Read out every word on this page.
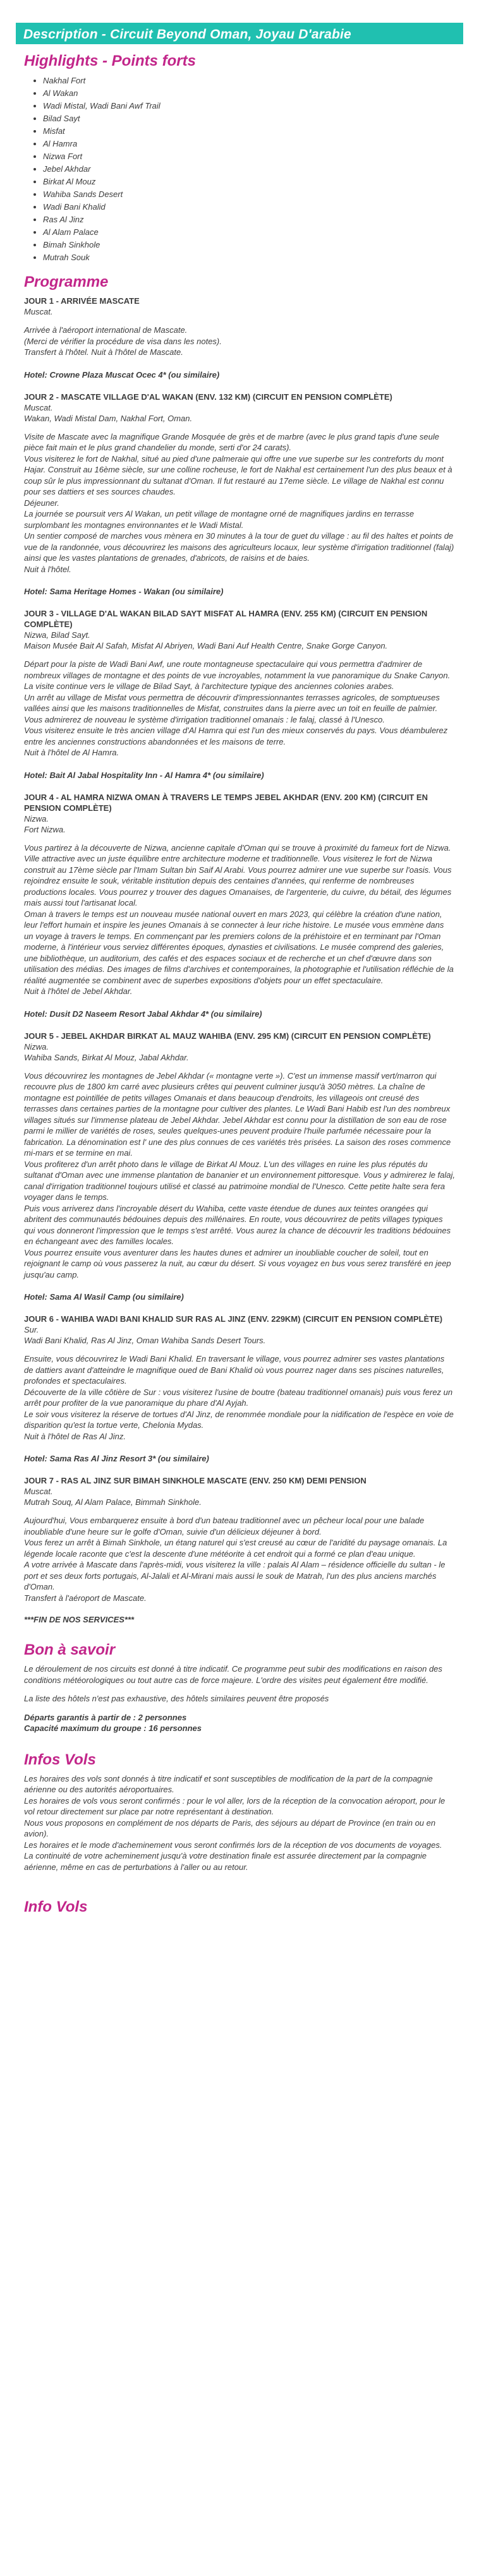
Description - Circuit Beyond Oman, Joyau D'arabie
Highlights - Points forts
• Nakhal Fort
• Al Wakan
• Wadi Mistal, Wadi Bani Awf Trail
• Bilad Sayt
• Misfat
• Al Hamra
• Nizwa Fort
• Jebel Akhdar
• Birkat Al Mouz
• Wahiba Sands Desert
• Wadi Bani Khalid
• Ras Al Jinz
• Al Alam Palace
• Bimah Sinkhole
• Mutrah Souk
Programme
JOUR 1 - ARRIVÉE MASCATE
Muscat.

Arrivée à l'aéroport international de Mascate.
(Merci de vérifier la procédure de visa dans les notes).
Transfert à l'hôtel. Nuit à l'hôtel de Mascate.

Hotel: Crowne Plaza Muscat Ocec 4* (ou similaire)
JOUR 2 - MASCATE VILLAGE D'AL WAKAN (ENV. 132 KM) (CIRCUIT EN PENSION COMPLÈTE)
Muscat.
Wakan, Wadi Mistal Dam, Nakhal Fort, Oman.

Visite de Mascate avec la magnifique Grande Mosquée de grès et de marbre (avec le plus grand tapis d'une seule pièce fait main et le plus grand chandelier du monde, serti d'or 24 carats).
Vous visiterez le fort de Nakhal, situé au pied d'une palmeraie qui offre une vue superbe sur les contreforts du mont Hajar. Construit au 16ème siècle, sur une colline rocheuse, le fort de Nakhal est certainement l'un des plus beaux et à coup sûr le plus impressionnant du sultanat d'Oman. Il fut restauré au 17eme siècle. Le village de Nakhal est connu pour ses dattiers et ses sources chaudes.
Déjeuner.
La journée se poursuit vers Al Wakan, un petit village de montagne orné de magnifiques jardins en terrasse surplombant les montagnes environnantes et le Wadi Mistal.
Un sentier composé de marches vous mènera en 30 minutes à la tour de guet du village : au fil des haltes et points de vue de la randonnée, vous découvrirez les maisons des agriculteurs locaux, leur système d'irrigation traditionnel (falaj) ainsi que les vastes plantations de grenades, d'abricots, de raisins et de baies.
Nuit à l'hôtel.

Hotel: Sama Heritage Homes - Wakan (ou similaire)
JOUR 3 - VILLAGE D'AL WAKAN BILAD SAYT MISFAT AL HAMRA (ENV. 255 KM) (CIRCUIT EN PENSION COMPLÈTE)
Nizwa, Bilad Sayt.
Maison Musée Bait Al Safah, Misfat Al Abriyen, Wadi Bani Auf Health Centre, Snake Gorge Canyon.

Départ pour la piste de Wadi Bani Awf, une route montagneuse spectaculaire qui vous permettra d'admirer de nombreux villages de montagne et des points de vue incroyables, notamment la vue panoramique du Snake Canyon.
La visite continue vers le village de Bilad Sayt, à l'architecture typique des anciennes colonies arabes.
Un arrêt au village de Misfat vous permettra de découvrir d'impressionnantes terrasses agricoles, de somptueuses vallées ainsi que les maisons traditionnelles de Misfat, construites dans la pierre avec un toit en feuille de palmier. Vous admirerez de nouveau le système d'irrigation traditionnel omanais : le falaj, classé à l'Unesco.
Vous visiterez ensuite le très ancien village d'Al Hamra qui est l'un des mieux conservés du pays. Vous déambulerez entre les anciennes constructions abandonnées et les maisons de terre.
Nuit à l'hôtel de Al Hamra.

Hotel: Bait Al Jabal Hospitality Inn - Al Hamra 4* (ou similaire)
JOUR 4 - AL HAMRA NIZWA OMAN À TRAVERS LE TEMPS JEBEL AKHDAR (ENV. 200 KM) (CIRCUIT EN PENSION COMPLÈTE)
Nizwa.
Fort Nizwa.

Vous partirez à la découverte de Nizwa, ancienne capitale d'Oman qui se trouve à proximité du fameux fort de Nizwa. Ville attractive avec un juste équilibre entre architecture moderne et traditionnelle. Vous visiterez le fort de Nizwa construit au 17ème siècle par l'Imam Sultan bin Saif Al Arabi. Vous pourrez admirer une vue superbe sur l'oasis. Vous rejoindrez ensuite le souk, véritable institution depuis des centaines d'années, qui renferme de nombreuses productions locales. Vous pourrez y trouver des dagues Omanaises, de l'argenterie, du cuivre, du bétail, des légumes mais aussi tout l'artisanat local.
Oman à travers le temps est un nouveau musée national ouvert en mars 2023, qui célèbre la création d'une nation, leur l'effort humain et inspire les jeunes Omanais à se connecter à leur riche histoire. Le musée vous emmène dans un voyage à travers le temps. En commençant par les premiers colons de la préhistoire et en terminant par l'Oman moderne, à l'intérieur vous serviez différentes époques, dynasties et civilisations. Le musée comprend des galeries, une bibliothèque, un auditorium, des cafés et des espaces sociaux et de recherche et un chef d'œuvre dans son utilisation des médias. Des images de films d'archives et contemporaines, la photographie et l'utilisation réfléchie de la réalité augmentée se combinent avec de superbes expositions d'objets pour un effet spectaculaire.
Nuit à l'hôtel de Jebel Akhdar.

Hotel: Dusit D2 Naseem Resort Jabal Akhdar 4* (ou similaire)
JOUR 5 - JEBEL AKHDAR BIRKAT AL MAUZ WAHIBA (ENV. 295 KM) (CIRCUIT EN PENSION COMPLÈTE)
Nizwa.
Wahiba Sands, Birkat Al Mouz, Jabal Akhdar.

Vous découvrirez les montagnes de Jebel Akhdar (« montagne verte »). C'est un immense massif vert/marron qui recouvre plus de 1800 km carré avec plusieurs crêtes qui peuvent culminer jusqu'à 3050 mètres. La chaîne de montagne est pointillée de petits villages Omanais et dans beaucoup d'endroits, les villageois ont creusé des terrasses dans certaines parties de la montagne pour cultiver des plantes. Le Wadi Bani Habib est l'un des nombreux villages situés sur l'immense plateau de Jebel Akhdar. Jebel Akhdar est connu pour la distillation de son eau de rose parmi le millier de variétés de roses, seules quelques-unes peuvent produire l'huile parfumée nécessaire pour la fabrication. La dénomination est l' une des plus connues de ces variétés très prisées. La saison des roses commence mi-mars et se termine en mai.
Vous profiterez d'un arrêt photo dans le village de Birkat Al Mouz. L'un des villages en ruine les plus réputés du sultanat d'Oman avec une immense plantation de bananier et un environnement pittoresque. Vous y admirerez le falaj, canal d'irrigation traditionnel toujours utilisé et classé au patrimoine mondial de l'Unesco. Cette petite halte sera fera voyager dans le temps.
Puis vous arriverez dans l'incroyable désert du Wahiba, cette vaste étendue de dunes aux teintes orangées qui abritent des communautés bédouines depuis des millénaires. En route, vous découvrirez de petits villages typiques qui vous donneront l'impression que le temps s'est arrêté. Vous aurez la chance de découvrir les traditions bédouines en échangeant avec des familles locales.
Vous pourrez ensuite vous aventurer dans les hautes dunes et admirer un inoubliable coucher de soleil, tout en rejoignant le camp où vous passerez la nuit, au cœur du désert. Si vous voyagez en bus vous serez transféré en jeep jusqu'au camp.

Hotel: Sama Al Wasil Camp (ou similaire)
JOUR 6 - WAHIBA WADI BANI KHALID SUR RAS AL JINZ (ENV. 229KM) (CIRCUIT EN PENSION COMPLÈTE)
Sur.
Wadi Bani Khalid, Ras Al Jinz, Oman Wahiba Sands Desert Tours.

Ensuite, vous découvrirez le Wadi Bani Khalid. En traversant le village, vous pourrez admirer ses vastes plantations de dattiers avant d'atteindre le magnifique oued de Bani Khalid où vous pourrez nager dans ses piscines naturelles, profondes et spectaculaires.
Découverte de la ville côtière de Sur : vous visiterez l'usine de boutre (bateau traditionnel omanais) puis vous ferez un arrêt pour profiter de la vue panoramique du phare d'Al Ayjah.
Le soir vous visiterez la réserve de tortues d'Al Jinz, de renommée mondiale pour la nidification de l'espèce en voie de disparition qu'est la tortue verte, Chelonia Mydas.
Nuit à l'hôtel de Ras Al Jinz.

Hotel: Sama Ras Al Jinz Resort 3* (ou similaire)
JOUR 7 - RAS AL JINZ SUR BIMAH SINKHOLE MASCATE (ENV. 250 KM) DEMI PENSION
Muscat.
Mutrah Souq, Al Alam Palace, Bimmah Sinkhole.

Aujourd'hui, Vous embarquerez ensuite à bord d'un bateau traditionnel avec un pêcheur local pour une balade inoubliable d'une heure sur le golfe d'Oman, suivie d'un délicieux déjeuner à bord.
Vous ferez un arrêt à Bimah Sinkhole, un étang naturel qui s'est creusé au cœur de l'aridité du paysage omanais. La légende locale raconte que c'est la descente d'une météorite à cet endroit qui a formé ce plan d'eau unique.
A votre arrivée à Mascate dans l'après-midi, vous visiterez la ville : palais Al Alam – résidence officielle du sultan - le port et ses deux forts portugais, Al-Jalali et Al-Mirani mais aussi le souk de Matrah, l'un des plus anciens marchés d'Oman.
Transfert à l'aéroport de Mascate.

***FIN DE NOS SERVICES***
Bon à savoir

Le déroulement de nos circuits est donné à titre indicatif. Ce programme peut subir des modifications en raison des conditions météorologiques ou tout autre cas de force majeure. L'ordre des visites peut également être modifié.

La liste des hôtels n'est pas exhaustive, des hôtels similaires peuvent être proposés

Départs garantis à partir de : 2 personnes

Capacité maximum du groupe : 16 personnes

Infos Vols

Les horaires des vols sont donnés à titre indicatif et sont susceptibles de modification de la part de la compagnie aérienne ou des autorités aéroportuaires.
Les horaires de vols vous seront confirmés : pour le vol aller, lors de la réception de la convocation aéroport, pour le vol retour directement sur place par notre représentant à destination.
Nous vous proposons en complément de nos départs de Paris, des séjours au départ de Province (en train ou en avion).
Les horaires et le mode d'acheminement vous seront confirmés lors de la réception de vos documents de voyages.
La continuité de votre acheminement jusqu'à votre destination finale est assurée directement par la compagnie aérienne, même en cas de perturbations à l'aller ou au retour.

Info Vols
